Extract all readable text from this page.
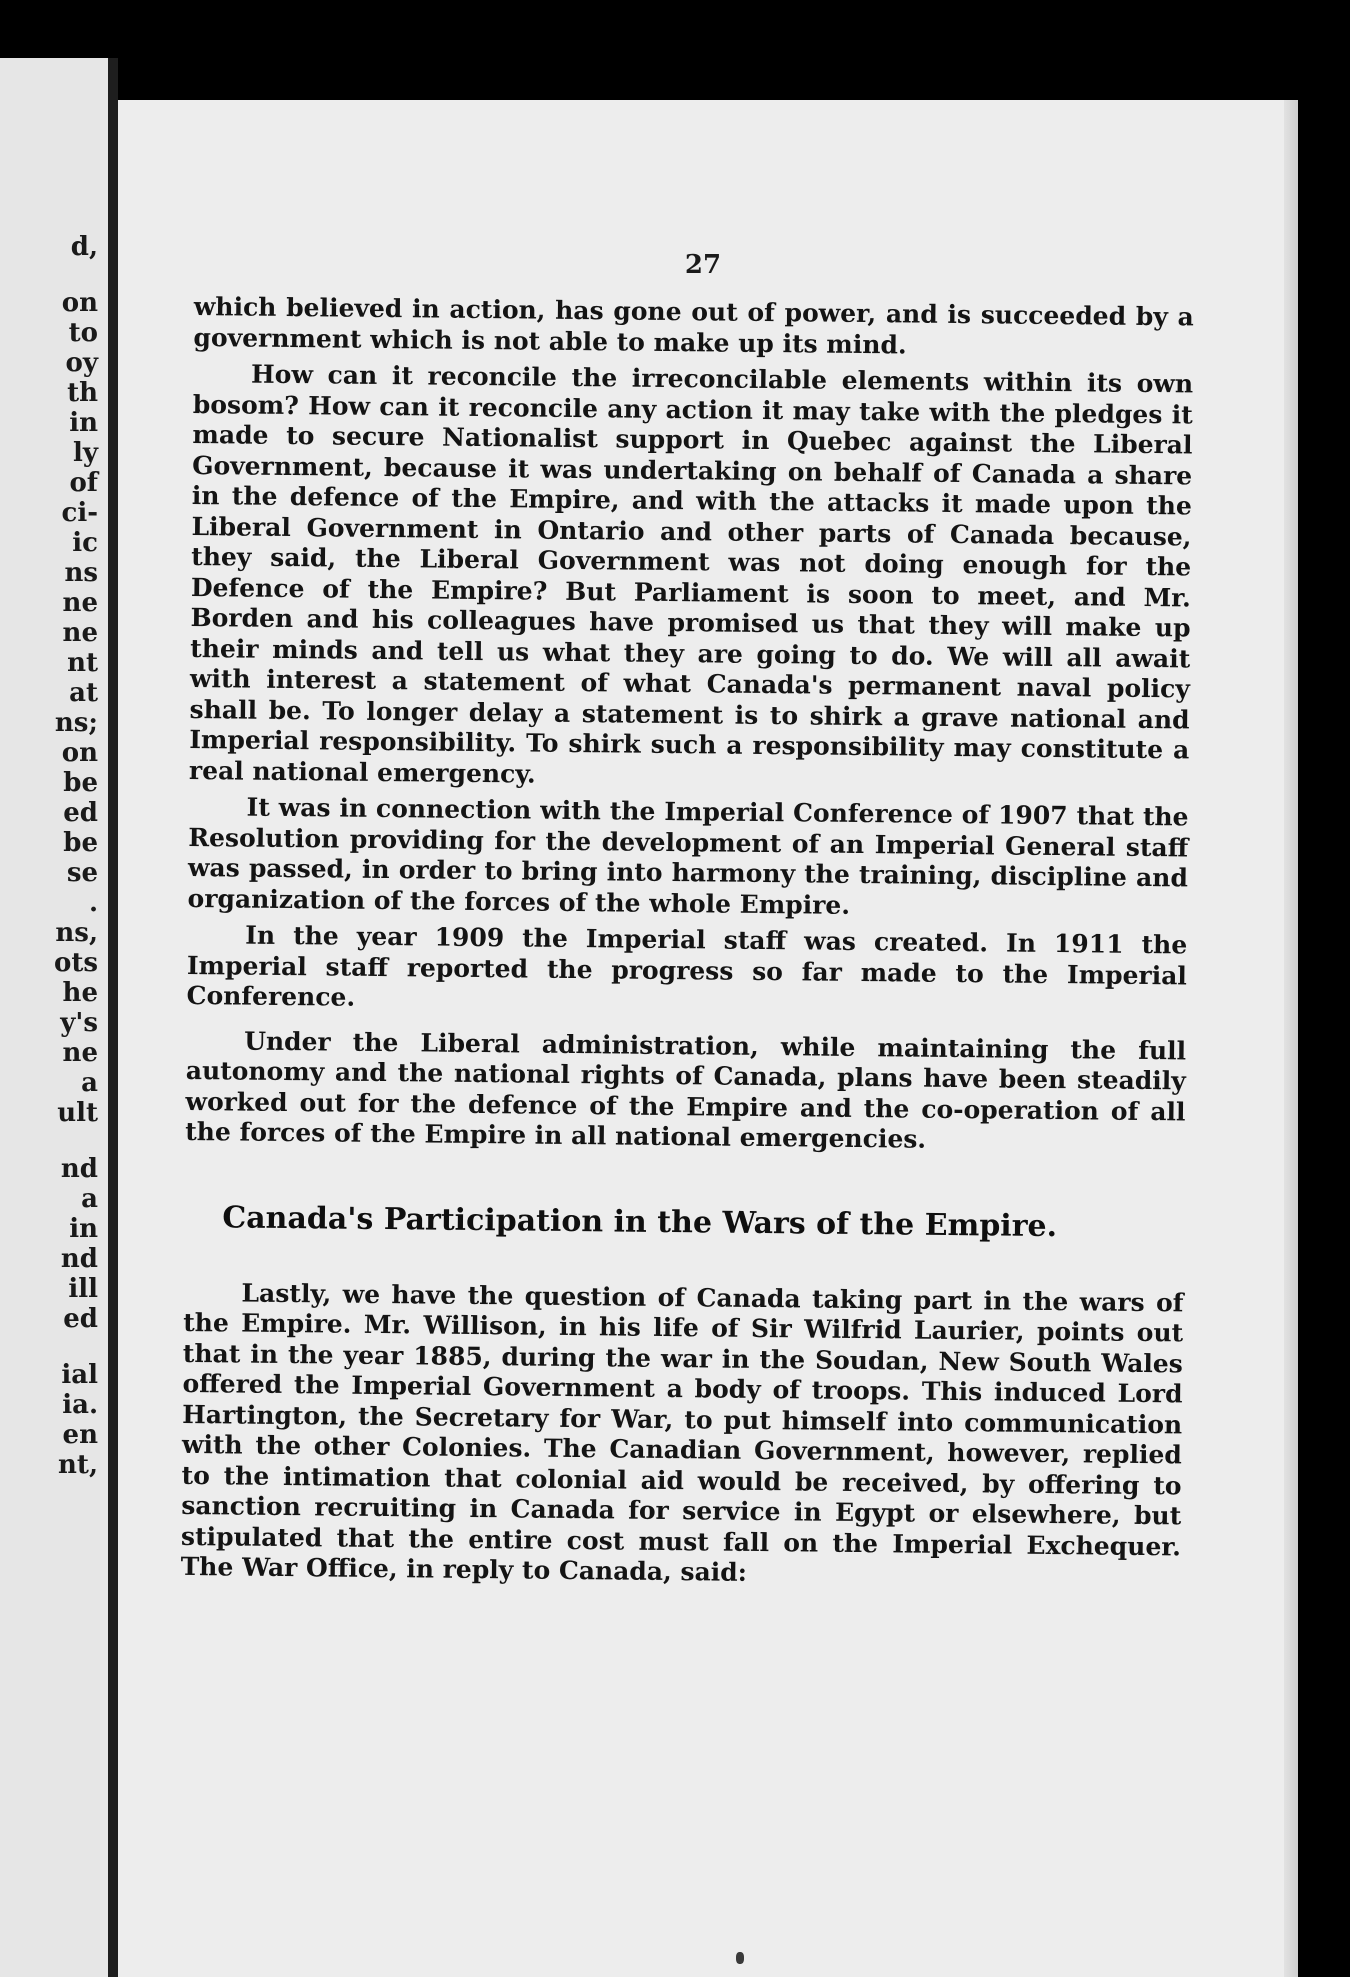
d,
on
to
oy
th
in
ly
of
ci-
ic
ns
ne
ne
nt
at
ns;
on
be
ed
be
se
.
ns,
ots
he
y's
ne
a
ult
nd
a
in
nd
ill
ed
ial
ia.
en
nt,
27

which believed in action, has gone out of power, and is succeeded by a government which is not able to make up its mind.

How can it reconcile the irreconcilable elements within its own bosom? How can it reconcile any action it may take with the pledges it made to secure Nationalist support in Quebec against the Liberal Government, because it was undertaking on behalf of Canada a share in the defence of the Empire, and with the attacks it made upon the Liberal Government in Ontario and other parts of Canada because, they said, the Liberal Government was not doing enough for the Defence of the Empire? But Parliament is soon to meet, and Mr. Borden and his colleagues have promised us that they will make up their minds and tell us what they are going to do. We will all await with interest a statement of what Canada's permanent naval policy shall be. To longer delay a statement is to shirk a grave national and Imperial responsibility. To shirk such a responsibility may constitute a real national emergency.

It was in connection with the Imperial Conference of 1907 that the Resolution providing for the development of an Imperial General staff was passed, in order to bring into harmony the training, discipline and organization of the forces of the whole Empire.

In the year 1909 the Imperial staff was created. In 1911 the Imperial staff reported the progress so far made to the Imperial Conference.

Under the Liberal administration, while maintaining the full autonomy and the national rights of Canada, plans have been steadily worked out for the defence of the Empire and the co-operation of all the forces of the Empire in all national emergencies.

Canada's Participation in the Wars of the Empire.

Lastly, we have the question of Canada taking part in the wars of the Empire. Mr. Willison, in his life of Sir Wilfrid Laurier, points out that in the year 1885, during the war in the Soudan, New South Wales offered the Imperial Government a body of troops. This induced Lord Hartington, the Secretary for War, to put himself into communication with the other Colonies. The Canadian Government, however, replied to the intimation that colonial aid would be received, by offering to sanction recruiting in Canada for service in Egypt or elsewhere, but stipulated that the entire cost must fall on the Imperial Exchequer. The War Office, in reply to Canada, said:
